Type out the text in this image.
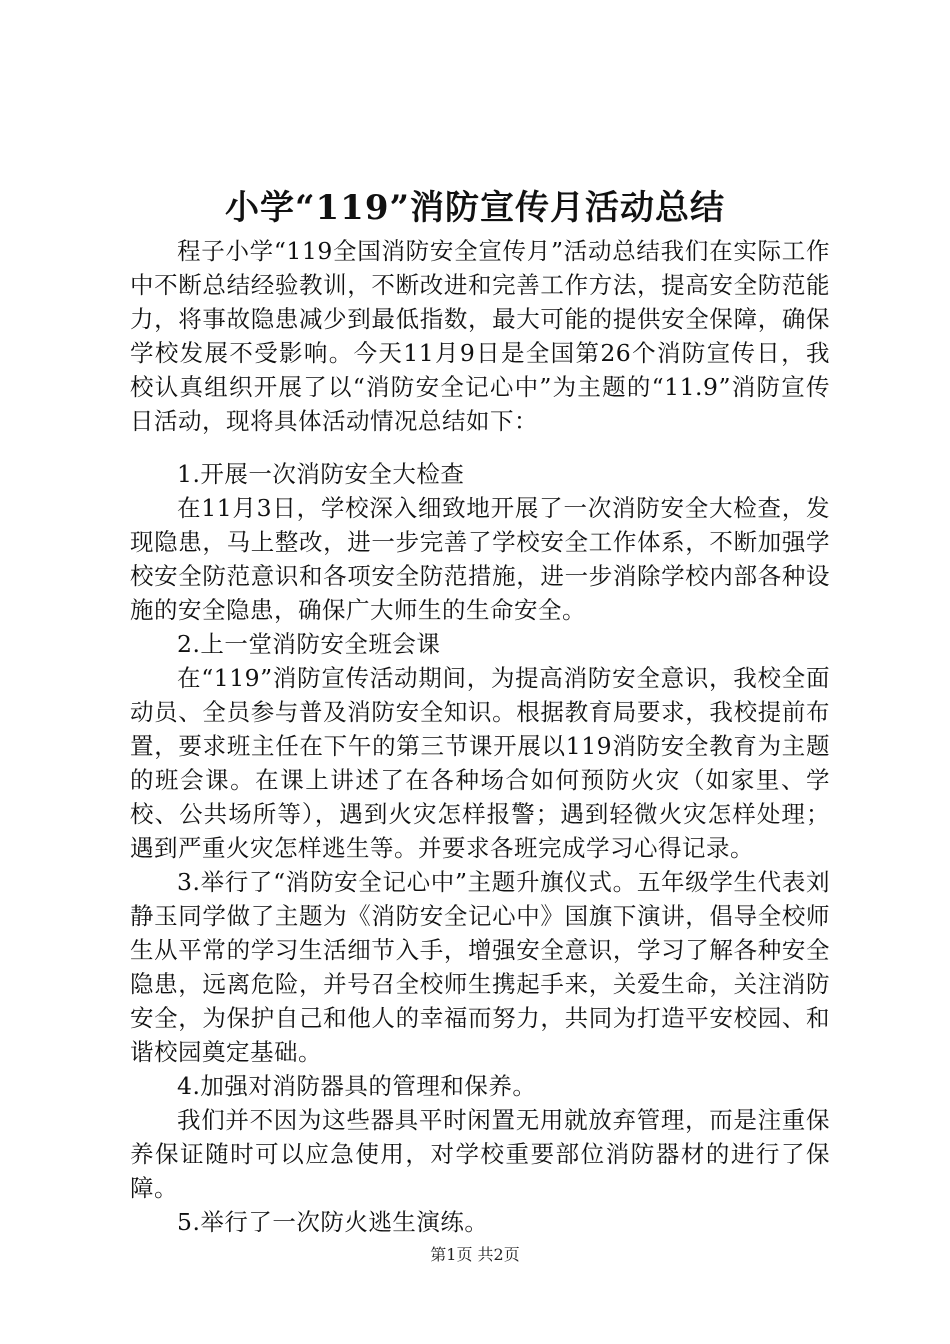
小学“119”消防宣传月活动总结

程子小学“119全国消防安全宣传月”活动总结我们在实际工作中不断总结经验教训，不断改进和完善工作方法，提高安全防范能力，将事故隐患减少到最低指数，最大可能的提供安全保障，确保学校发展不受影响。今天11月9日是全国第26个消防宣传日，我校认真组织开展了以“消防安全记心中”为主题的“11.9”消防宣传日活动，现将具体活动情况总结如下：

1.开展一次消防安全大检查

在11月3日，学校深入细致地开展了一次消防安全大检查，发现隐患，马上整改，进一步完善了学校安全工作体系，不断加强学校安全防范意识和各项安全防范措施，进一步消除学校内部各种设施的安全隐患，确保广大师生的生命安全。

2.上一堂消防安全班会课

在“119”消防宣传活动期间，为提高消防安全意识，我校全面动员、全员参与普及消防安全知识。根据教育局要求，我校提前布置，要求班主任在下午的第三节课开展以119消防安全教育为主题的班会课。在课上讲述了在各种场合如何预防火灾（如家里、学校、公共场所等），遇到火灾怎样报警；遇到轻微火灾怎样处理；遇到严重火灾怎样逃生等。并要求各班完成学习心得记录。

3.举行了“消防安全记心中”主题升旗仪式。五年级学生代表刘静玉同学做了主题为《消防安全记心中》国旗下演讲，倡导全校师生从平常的学习生活细节入手，增强安全意识，学习了解各种安全隐患，远离危险，并号召全校师生携起手来，关爱生命，关注消防安全，为保护自己和他人的幸福而努力，共同为打造平安校园、和谐校园奠定基础。

4.加强对消防器具的管理和保养。

我们并不因为这些器具平时闲置无用就放弃管理，而是注重保养保证随时可以应急使用，对学校重要部位消防器材的进行了保障。

5.举行了一次防火逃生演练。

第1页 共2页
